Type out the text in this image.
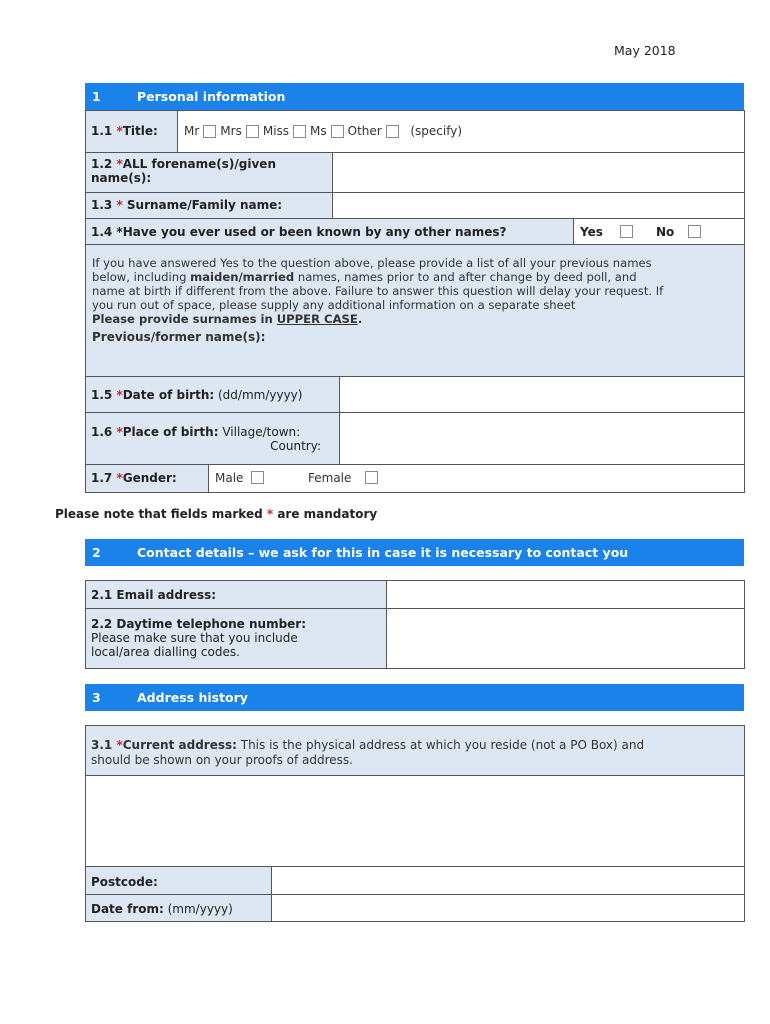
May 2018
1	Personal information
1.1 *Title: Mr Mrs Miss Ms Other (specify)
1.2 *ALL forename(s)/given
name(s):
1.3 * Surname/Family name:
1.4 *Have you ever used or been known by any other names?	Yes	No

If you have answered Yes to the question above, please provide a list of all your previous names

below, including maiden/married names, names prior to and after change by deed poll, and

name at birth if different from the above. Failure to answer this question will delay your request. If

you run out of space, please supply any additional information on a separate sheet

Please provide surnames in UPPER CASE.

Previous/former name(s):

1.5 *Date of birth: (dd/mm/yyyy)
1.6 *Place of birth: Village/town:
Country:
1.7 *Gender:	Male	Female
Please note that fields marked * are mandatory
2	Contact details – we ask for this in case it is necessary to contact you
2.1 Email address:
2.2 Daytime telephone number:
Please make sure that you include
local/area dialling codes.
3	Address history
3.1 *Current address: This is the physical address at which you reside (not a PO Box) and
should be shown on your proofs of address.
Postcode:
Date from: (mm/yyyy)
